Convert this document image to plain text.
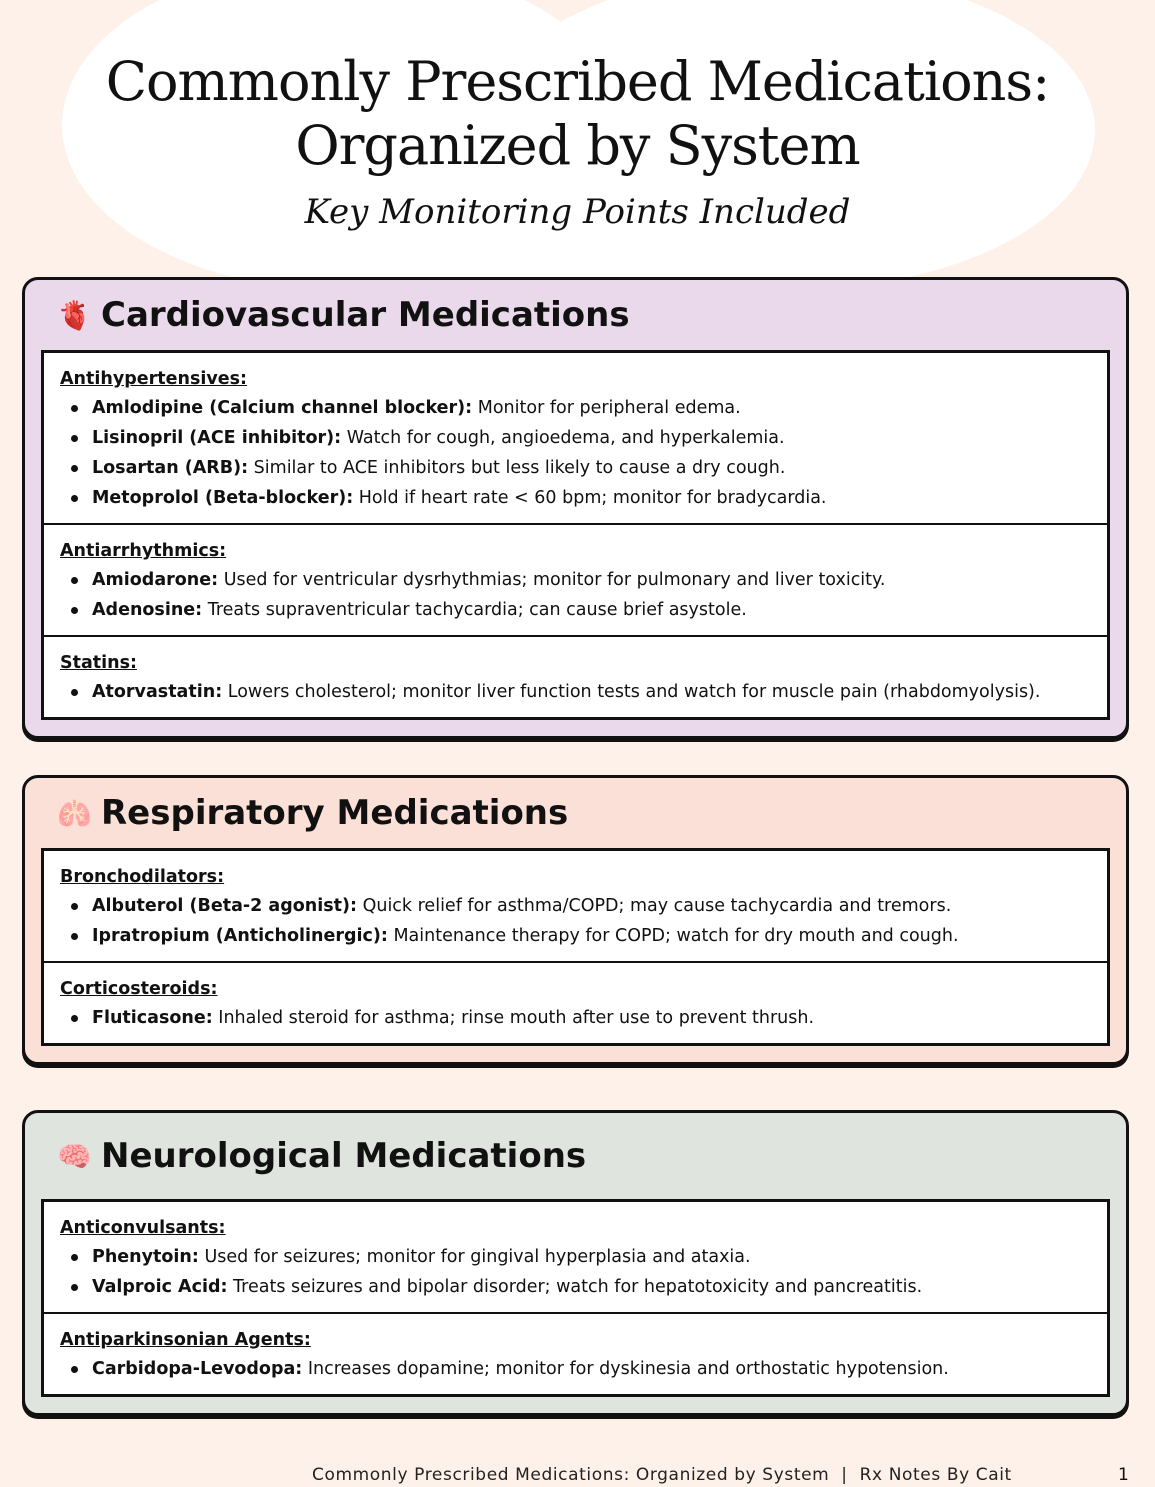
Commonly Prescribed Medications:
Organized by System
Key Monitoring Points Included
🫀 Cardiovascular Medications
Antihypertensives:
Amlodipine (Calcium channel blocker): Monitor for peripheral edema.
Lisinopril (ACE inhibitor): Watch for cough, angioedema, and hyperkalemia.
Losartan (ARB): Similar to ACE inhibitors but less likely to cause a dry cough.
Metoprolol (Beta-blocker): Hold if heart rate < 60 bpm; monitor for bradycardia.
Antiarrhythmics:
Amiodarone: Used for ventricular dysrhythmias; monitor for pulmonary and liver toxicity.
Adenosine: Treats supraventricular tachycardia; can cause brief asystole.
Statins:
Atorvastatin: Lowers cholesterol; monitor liver function tests and watch for muscle pain (rhabdomyolysis).
🫁 Respiratory Medications
Bronchodilators:
Albuterol (Beta-2 agonist): Quick relief for asthma/COPD; may cause tachycardia and tremors.
Ipratropium (Anticholinergic): Maintenance therapy for COPD; watch for dry mouth and cough.
Corticosteroids:
Fluticasone: Inhaled steroid for asthma; rinse mouth after use to prevent thrush.
🧠 Neurological Medications
Anticonvulsants:
Phenytoin: Used for seizures; monitor for gingival hyperplasia and ataxia.
Valproic Acid: Treats seizures and bipolar disorder; watch for hepatotoxicity and pancreatitis.
Antiparkinsonian Agents:
Carbidopa-Levodopa: Increases dopamine; monitor for dyskinesia and orthostatic hypotension.
Commonly Prescribed Medications: Organized by System  |  Rx Notes By Cait	1
